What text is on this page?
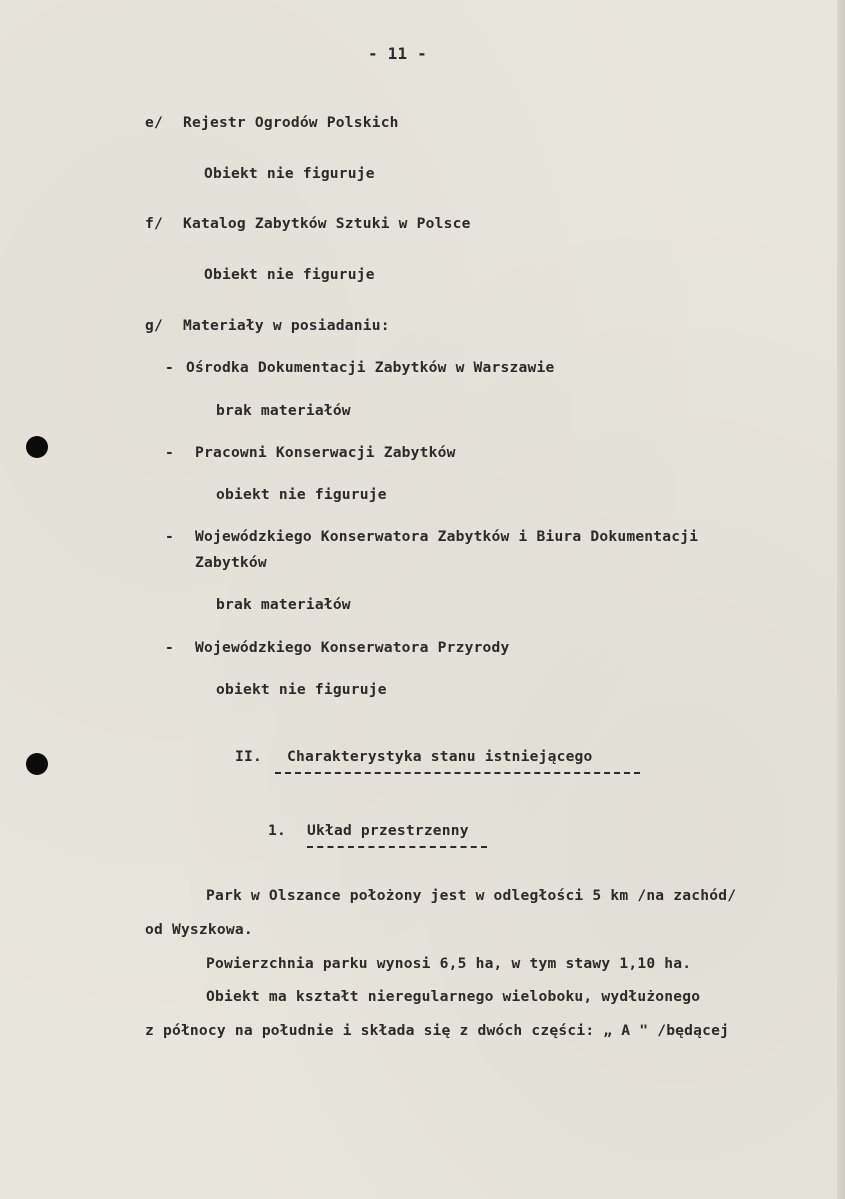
- 11 -
e/ Rejestr Ogrodów Polskich
Obiekt nie figuruje
f/ Katalog Zabytków Sztuki w Polsce
Obiekt nie figuruje
g/ Materiały w posiadaniu:
- Ośrodka Dokumentacji Zabytków w Warszawie
brak materiałów
- Pracowni Konserwacji Zabytków
obiekt nie figuruje
- Wojewódzkiego Konserwatora Zabytków i Biura Dokumentacji
Zabytków
brak materiałów
- Wojewódzkiego Konserwatora Przyrody
obiekt nie figuruje
II. Charakterystyka stanu istniejącego
1. Układ przestrzenny
Park w Olszance położony jest w odległości 5 km /na zachód/
od Wyszkowa.
Powierzchnia parku wynosi 6,5 ha, w tym stawy 1,10 ha.
Obiekt ma kształt nieregularnego wieloboku, wydłużonego
z północy na południe i składa się z dwóch części: „ A " /będącej
